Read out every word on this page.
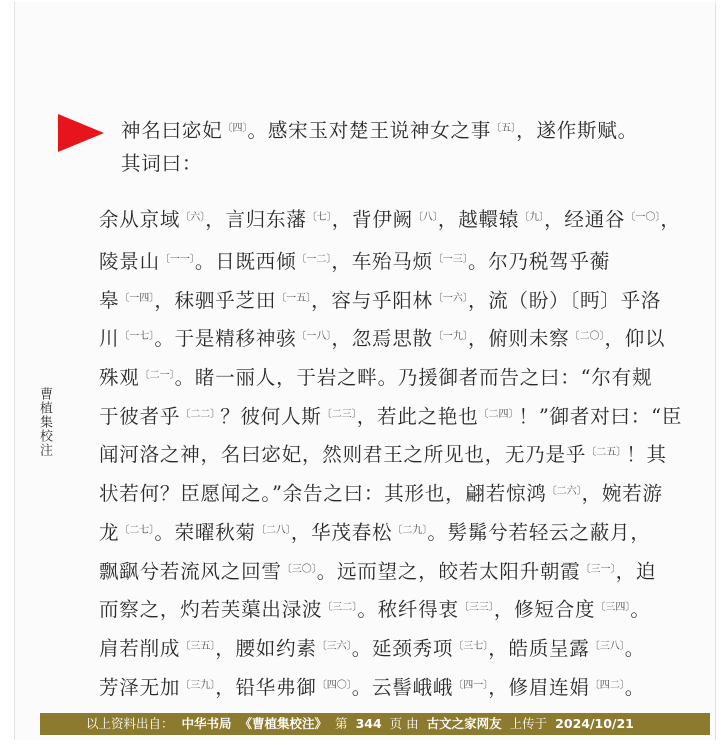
曹植集校注
神名曰宓妃$^{〔四〕}$。感宋玉对楚王说神女之事$^{〔五〕}$，遂作斯赋。
其词曰：
余从京域$^{〔六〕}$，言归东藩$^{〔七〕}$，背伊阙$^{〔八〕}$，越轘辕$^{〔九〕}$，经通谷$^{〔一〇〕}$，
陵景山$^{〔一一〕}$。日既西倾$^{〔一二〕}$，车殆马烦$^{〔一三〕}$。尔乃税驾乎蘅
皋$^{〔一四〕}$，秣驷乎芝田$^{〔一五〕}$，容与乎阳林$^{〔一六〕}$，流（盼）〔眄〕乎洛
川$^{〔一七〕}$。于是精移神骇$^{〔一八〕}$，忽焉思散$^{〔一九〕}$，俯则未察$^{〔二〇〕}$，仰以
殊观$^{〔二一〕}$。睹一丽人，于岩之畔。乃援御者而告之曰：“尔有觌
于彼者乎$^{〔二二〕}$？彼何人斯$^{〔二三〕}$，若此之艳也$^{〔二四〕}$！”御者对曰：“臣
闻河洛之神，名曰宓妃，然则君王之所见也，无乃是乎$^{〔二五〕}$！其
状若何？臣愿闻之。”余告之曰：其形也，翩若惊鸿$^{〔二六〕}$，婉若游
龙$^{〔二七〕}$。荣曜秋菊$^{〔二八〕}$，华茂春松$^{〔二九〕}$。髣髴兮若轻云之蔽月，
飘飖兮若流风之回雪$^{〔三〇〕}$。远而望之，皎若太阳升朝霞$^{〔三一〕}$，迫
而察之，灼若芙蕖出渌波$^{〔三二〕}$。秾纤得衷$^{〔三三〕}$，修短合度$^{〔三四〕}$。
肩若削成$^{〔三五〕}$，腰如约素$^{〔三六〕}$。延颈秀项$^{〔三七〕}$，皓质呈露$^{〔三八〕}$。
芳泽无加$^{〔三九〕}$，铅华弗御$^{〔四〇〕}$。云髻峨峨$^{〔四一〕}$，修眉连娟$^{〔四二〕}$。
以上资料出自： 中华书局 《曹植集校注》 第 344 页 由 古文之家网友 上传于 2024/10/21
